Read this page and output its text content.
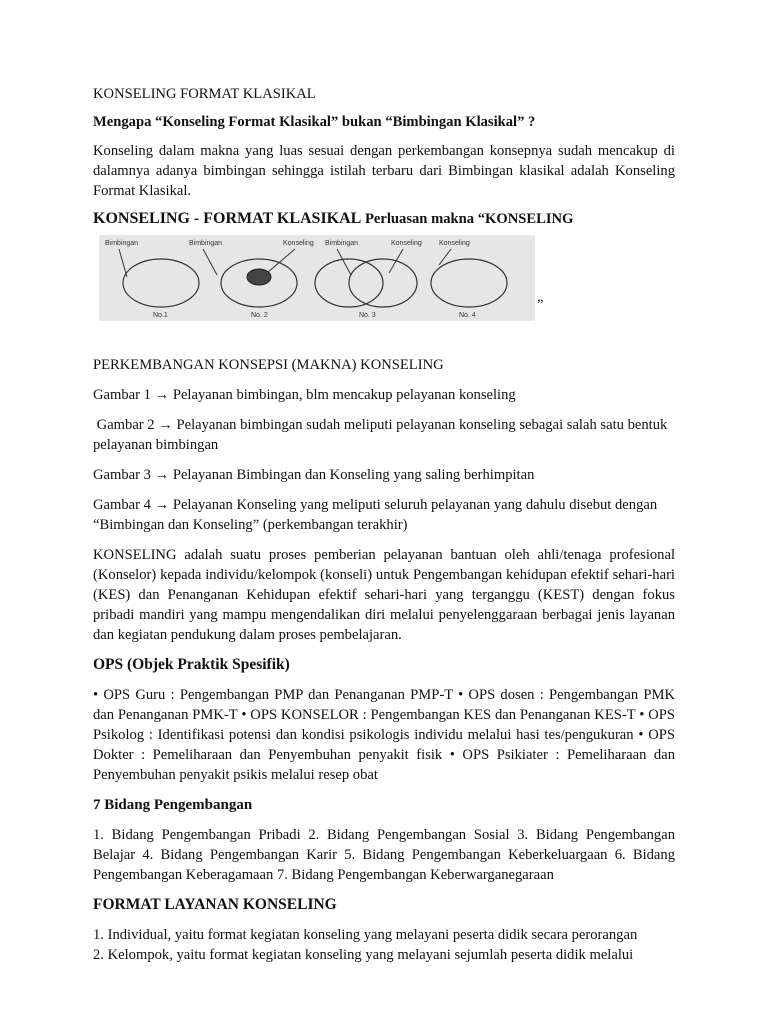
KONSELING FORMAT KLASIKAL

Mengapa “Konseling Format Klasikal” bukan “Bimbingan Klasikal” ?

Konseling dalam makna yang luas sesuai dengan perkembangan konsepnya sudah mencakup di dalamnya adanya bimbingan sehingga istilah terbaru dari Bimbingan klasikal adalah Konseling Format Klasikal.

KONSELING - FORMAT KLASIKAL Perluasan makna “KONSELING

Bimbingan	Bimbingan	Konseling Bimbingan	Konseling Konseling
No.1	No. 2	No. 3	No. 4
”

PERKEMBANGAN KONSEPSI (MAKNA) KONSELING

Gambar 1 → Pelayanan bimbingan, blm mencakup pelayanan konseling

Gambar 2 → Pelayanan bimbingan sudah meliputi pelayanan konseling sebagai salah satu bentuk pelayanan bimbingan

Gambar 3 → Pelayanan Bimbingan dan Konseling yang saling berhimpitan

Gambar 4 → Pelayanan Konseling yang meliputi seluruh pelayanan yang dahulu disebut dengan “Bimbingan dan Konseling” (perkembangan terakhir)

KONSELING adalah suatu proses pemberian pelayanan bantuan oleh ahli/tenaga profesional (Konselor) kepada individu/kelompok (konseli) untuk Pengembangan kehidupan efektif sehari-hari (KES) dan Penanganan Kehidupan efektif sehari-hari yang terganggu (KEST) dengan fokus pribadi mandiri yang mampu mengendalikan diri melalui penyelenggaraan berbagai jenis layanan dan kegiatan pendukung dalam proses pembelajaran.

OPS (Objek Praktik Spesifik)

• OPS Guru : Pengembangan PMP dan Penanganan PMP-T • OPS dosen : Pengembangan PMK dan Penanganan PMK-T • OPS KONSELOR : Pengembangan KES dan Penanganan KES-T • OPS Psikolog : Identifikasi potensi dan kondisi psikologis individu melalui hasi tes/pengukuran • OPS Dokter : Pemeliharaan dan Penyembuhan penyakit fisik • OPS Psikiater : Pemeliharaan dan Penyembuhan penyakit psikis melalui resep obat

7 Bidang Pengembangan

1. Bidang Pengembangan Pribadi 2. Bidang Pengembangan Sosial 3. Bidang Pengembangan Belajar 4. Bidang Pengembangan Karir 5. Bidang Pengembangan Keberkeluargaan 6. Bidang Pengembangan Keberagamaan 7. Bidang Pengembangan Keberwarganegaraan

FORMAT LAYANAN KONSELING

1. Individual, yaitu format kegiatan konseling yang melayani peserta didik secara perorangan

2. Kelompok, yaitu format kegiatan konseling yang melayani sejumlah peserta didik melalui
